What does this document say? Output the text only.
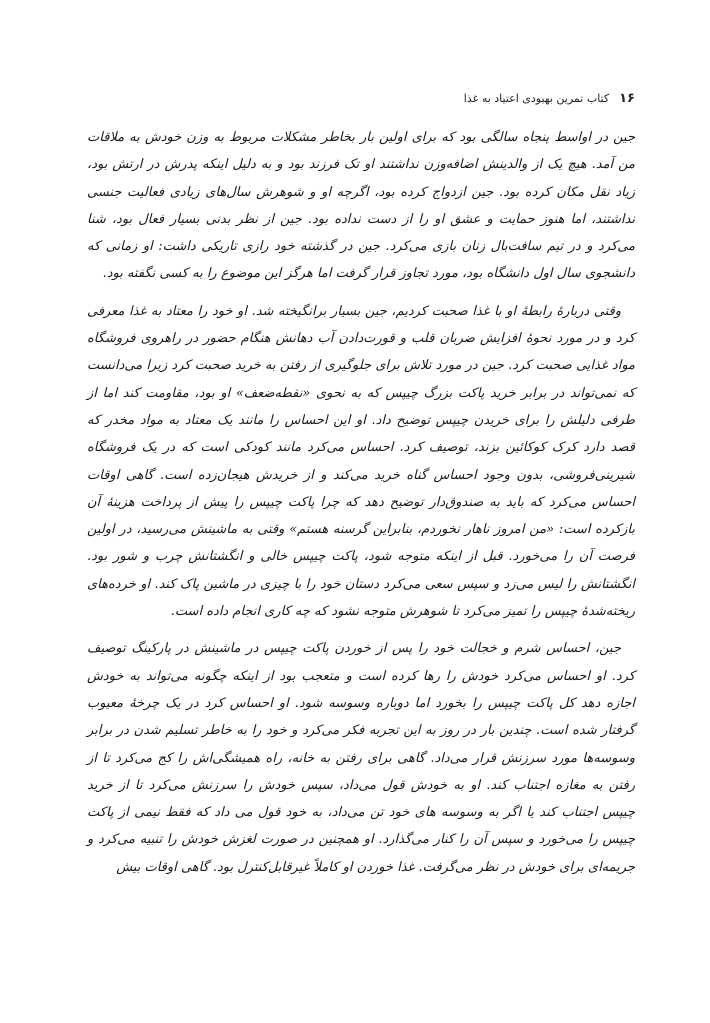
۱۶
کتاب تمرین بهبودی اعتیاد به غذا

جین در اواسط پنجاه سالگی بود که برای اولین بار بخاطر مشکلات مربوط به وزن خودش به ملاقات من آمد. هیچ یک از والدینش اضافه‌وزن نداشتند او تک فرزند بود و به دلیل اینکه پدرش در ارتش بود، زیاد نقل مکان کرده بود. جین ازدواج کرده بود، اگرچه او و شوهرش سال‌های زیادی فعالیت جنسی نداشتند، اما هنوز حمایت و عشق او را از دست نداده بود. جین از نظر بدنی بسیار فعال بود، شنا می‌کرد و در تیم سافت‌بال زنان بازی می‌کرد. جین در گذشته خود رازی تاریکی داشت: او زمانی که دانشجوی سال اول دانشگاه بود، مورد تجاوز قرار گرفت اما هرگز این موضوع را به کسی نگفته بود.

وقتی دربارهٔ رابطهٔ او با غذا صحبت کردیم، جین بسیار برانگیخته شد. او خود را معتاد به غذا معرفی کرد و در مورد نحوهٔ افزایش ضربان قلب و قورت‌دادن آب دهانش هنگام حضور در راهروی فروشگاه مواد غذایی صحبت کرد. جین در مورد تلاش برای جلوگیری از رفتن به خرید صحبت کرد زیرا می‌دانست که نمی‌تواند در برابر خرید پاکت بزرگ چیپس که به نحوی «نقطه‌ضعف» او بود، مقاومت کند اما از طرفی دلیلش را برای خریدن چیپس توضیح داد. او این احساس را مانند یک معتاد به مواد مخدر که قصد دارد کرک کوکائین بزند، توصیف کرد. احساس می‌کرد مانند کودکی است که در یک فروشگاه شیرینی‌فروشی، بدون وجود احساس گناه خرید می‌کند و از خریدش هیجان‌زده است. گاهی اوقات احساس می‌کرد که باید به صندوق‌دار توضیح دهد که چرا پاکت چیپس را پیش از پرداخت هزینهٔ آن بازکرده است: «من امروز ناهار نخوردم، بنابراین گرسنه هستم» وقتی به ماشینش می‌رسید، در اولین فرصت آن را می‌خورد. قبل از اینکه متوجه شود، پاکت چیپس خالی و انگشتانش چرب و شور بود. انگشتانش را لیس می‌زد و سپس سعی می‌کرد دستان خود را با چیزی در ماشین پاک کند. او خرده‌های ریخته‌شدهٔ چیپس را تمیز می‌کرد تا شوهرش متوجه نشود که چه کاری انجام داده است.

جین، احساس شرم و خجالت خود را پس از خوردن پاکت چیپس در ماشینش در پارکینگ توصیف کرد. او احساس می‌کرد خودش را رها کرده است و متعجب بود از اینکه چگونه می‌تواند به خودش اجازه دهد کل پاکت چیپس را بخورد اما دوباره وسوسه شود. او احساس کرد در یک چرخهٔ معیوب گرفتار شده است. چندین بار در روز به این تجربه فکر می‌کرد و خود را به خاطر تسلیم شدن در برابر وسوسه‌ها مورد سرزنش قرار می‌داد. گاهی برای رفتن به خانه، راه همیشگی‌اش را کج می‌کرد تا از رفتن به مغازه اجتناب کند. او به خودش قول می‌داد، سپس خودش را سرزنش می‌کرد تا از خرید چیپس اجتناب کند یا اگر به وسوسه های خود تن می‌داد، به خود قول می داد که فقط نیمی از پاکت چیپس را می‌خورد و سپس آن را کنار می‌گذارد. او همچنین در صورت لغزش خودش را تنبیه می‌کرد و جریمه‌ای برای خودش در نظر می‌گرفت. غذا خوردن او کاملاً غیرقابل‌کنترل بود. گاهی اوقات بیش
